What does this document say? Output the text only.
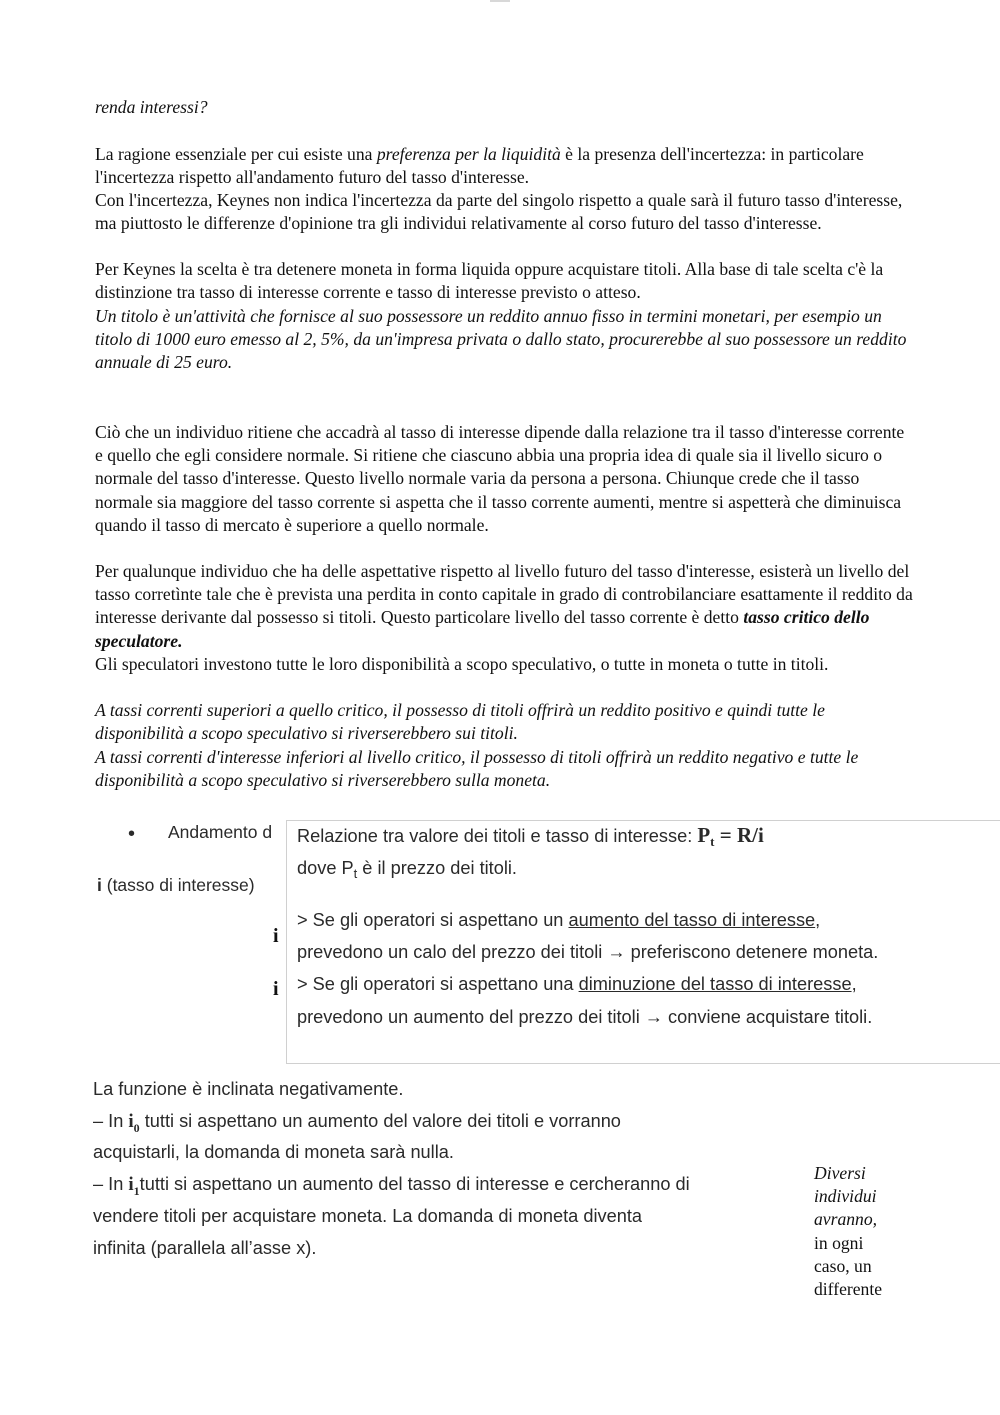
renda interessi?

La ragione essenziale per cui esiste una preferenza per la liquidità è la presenza dell'incertezza: in particolare l'incertezza rispetto all'andamento futuro del tasso d'interesse.

Con l'incertezza, Keynes non indica l'incertezza da parte del singolo rispetto a quale sarà il futuro tasso d'interesse, ma piuttosto le differenze d'opinione tra gli individui relativamente al corso futuro del tasso d'interesse.

Per Keynes la scelta è tra detenere moneta in forma liquida oppure acquistare titoli. Alla base di tale scelta c'è la distinzione tra tasso di interesse corrente e tasso di interesse previsto o atteso.

Un titolo è un'attività che fornisce al suo possessore un reddito annuo fisso in termini monetari, per esempio un titolo di 1000 euro emesso al 2, 5%, da un'impresa privata o dallo stato, procurerebbe al suo possessore un reddito annuale di 25 euro.

Ciò che un individuo ritiene che accadrà al tasso di interesse dipende dalla relazione tra il tasso d'interesse corrente e quello che egli considere normale. Si ritiene che ciascuno abbia una propria idea di quale sia il livello sicuro o normale del tasso d'interesse. Questo livello normale varia da persona a persona. Chiunque crede che il tasso normale sia maggiore del tasso corrente si aspetta che il tasso corrente aumenti, mentre si aspetterà che diminuisca quando il tasso di mercato è superiore a quello normale.

Per qualunque individuo che ha delle aspettative rispetto al livello futuro del tasso d'interesse, esisterà un livello del tasso corretìnte tale che è prevista una perdita in conto capitale in grado di controbilanciare esattamente il reddito da interesse derivante dal possesso si titoli. Questo particolare livello del tasso corrente è detto tasso critico dello speculatore.

Gli speculatori investono tutte le loro disponibilità a scopo speculativo, o tutte in moneta o tutte in titoli.

A tassi correnti superiori a quello critico, il possesso di titoli offrirà un reddito positivo e quindi tutte le disponibilità a scopo speculativo si riverserebbero sui titoli.

A tassi correnti d'interesse inferiori al livello critico, il possesso di titoli offrirà un reddito negativo e tutte le disponibilità a scopo speculativo si riverserebbero sulla moneta.

• Andamento d
i (tasso di interesse)
i
i
Relazione tra valore dei titoli e tasso di interesse: $P_t = R/i$
dove $P_t$ è il prezzo dei titoli.
> Se gli operatori si aspettano un aumento del tasso di interesse,
prevedono un calo del prezzo dei titoli → preferiscono detenere moneta.
> Se gli operatori si aspettano una diminuzione del tasso di interesse,
prevedono un aumento del prezzo dei titoli → conviene acquistare titoli.
La funzione è inclinata negativamente.
– In $i_0$ tutti si aspettano un aumento del valore dei titoli e vorranno
acquistarli, la domanda di moneta sarà nulla.
– In $i_1tutti$ si aspettano un aumento del tasso di interesse e cercheranno di
vendere titoli per acquistare moneta. La domanda di moneta diventa
infinita (parallela all’asse x).
Diversi
individui
avranno,
in ogni
caso, un
differente
